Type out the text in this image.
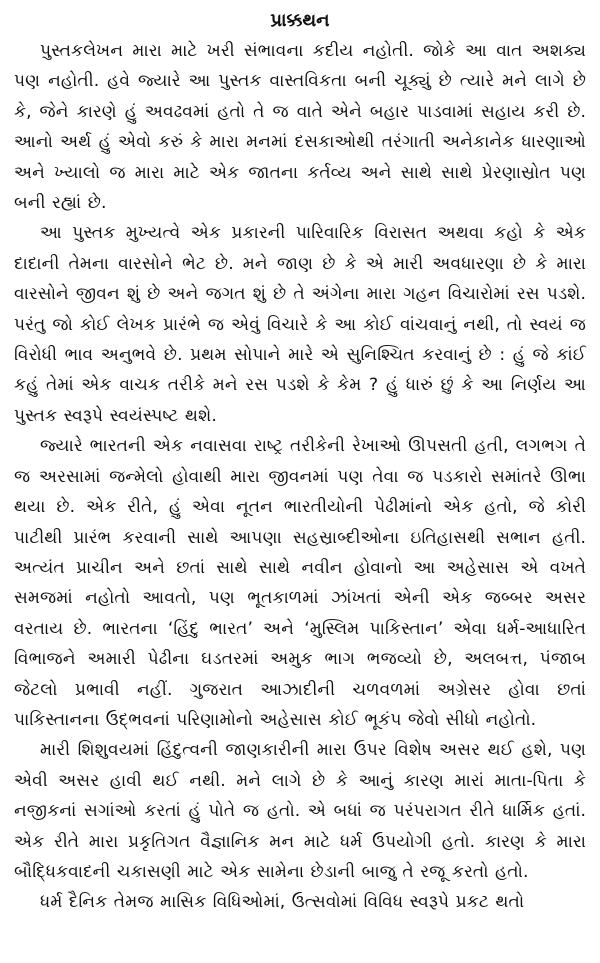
પ્રાક્કથન

પુસ્તકલેખન મારા માટે ખરી સંભાવના કદીય નહોતી. જોકે આ વાત અશક્ય પણ નહોતી. હવે જ્યારે આ પુસ્તક વાસ્તવિકતા બની ચૂક્યું છે ત્યારે મને લાગે છે કે, જેને કારણે હું અવઢવમાં હતો તે જ વાતે એને બહાર પાડવામાં સહાય કરી છે. આનો અર્થ હું એવો કરું કે મારા મનમાં દસકાઓથી તરંગાતી અનેકાનેક ધારણાઓ અને ખ્યાલો જ મારા માટે એક જાતના કર્તવ્ય અને સાથે સાથે પ્રેરણાસ્રોત પણ બની રહ્યાં છે.

આ પુસ્તક મુખ્યત્વે એક પ્રકારની પારિવારિક વિરાસત અથવા કહો કે એક દાદાની તેમના વારસોને ભેટ છે. મને જાણ છે કે એ મારી અવધારણા છે કે મારા વારસોને જીવન શું છે અને જગત શું છે તે અંગેના મારા ગહન વિચારોમાં રસ પડશે. પરંતુ જો કોઈ લેખક પ્રારંભે જ એવું વિચારે કે આ કોઈ વાંચવાનું નથી, તો સ્વયં જ વિરોધી ભાવ અનુભવે છે. પ્રથમ સોપાને મારે એ સુનિશ્ચિત કરવાનું છે : હું જે કાંઈ કહું તેમાં એક વાચક તરીકે મને રસ પડશે કે કેમ ? હું ધારું છું કે આ નિર્ણય આ પુસ્તક સ્વરૂપે સ્વયંસ્પષ્ટ થશે.

જ્યારે ભારતની એક નવાસવા રાષ્ટ્ર તરીકેની રેખાઓ ઊપસતી હતી, લગભગ તે જ અરસામાં જન્મેલો હોવાથી મારા જીવનમાં પણ તેવા જ પડકારો સમાંતરે ઊભા થયા છે. એક રીતે, હું એવા નૂતન ભારતીયોની પેઢીમાંનો એક હતો, જે કોરી પાટીથી પ્રારંભ કરવાની સાથે આપણા સહસ્રાબ્દીઓના ઇતિહાસથી સભાન હતી. અત્યંત પ્રાચીન અને છતાં સાથે સાથે નવીન હોવાનો આ અહેસાસ એ વખતે સમજમાં નહોતો આવતો, પણ ભૂતકાળમાં ઝાંખતાં એની એક જબ્બર અસર વરતાય છે. ભારતના ‘હિંદુ ભારત’ અને ‘મુસ્લિમ પાકિસ્તાન’ એવા ધર્મ-આધારિત વિભાજને અમારી પેઢીના ઘડતરમાં અમુક ભાગ ભજવ્યો છે, અલબત્ત, પંજાબ જેટલો પ્રભાવી નહીં. ગુજરાત આઝાદીની ચળવળમાં અગ્રેસર હોવા છતાં પાકિસ્તાનના ઉદ્ભવનાં પરિણામોનો અહેસાસ કોઈ ભૂકંપ જેવો સીધો નહોતો.

મારી શિશુવયમાં હિંદુત્વની જાણકારીની મારા ઉપર વિશેષ અસર થઈ હશે, પણ એવી અસર હાવી થઈ નથી. મને લાગે છે કે આનું કારણ મારાં માતા-પિતા કે નજીકનાં સગાંઓ કરતાં હું પોતે જ હતો. એ બધાં જ પરંપરાગત રીતે ધાર્મિક હતાં. એક રીતે મારા પ્રકૃતિગત વૈજ્ઞાનિક મન માટે ધર્મ ઉપયોગી હતો. કારણ કે મારા બૌદ્ધિકવાદની ચકાસણી માટે એક સામેના છેડાની બાજુ તે રજૂ કરતો હતો.

ધર્મ દૈનિક તેમજ માસિક વિધિઓમાં, ઉત્સવોમાં વિવિધ સ્વરૂપે પ્રકટ થતો
